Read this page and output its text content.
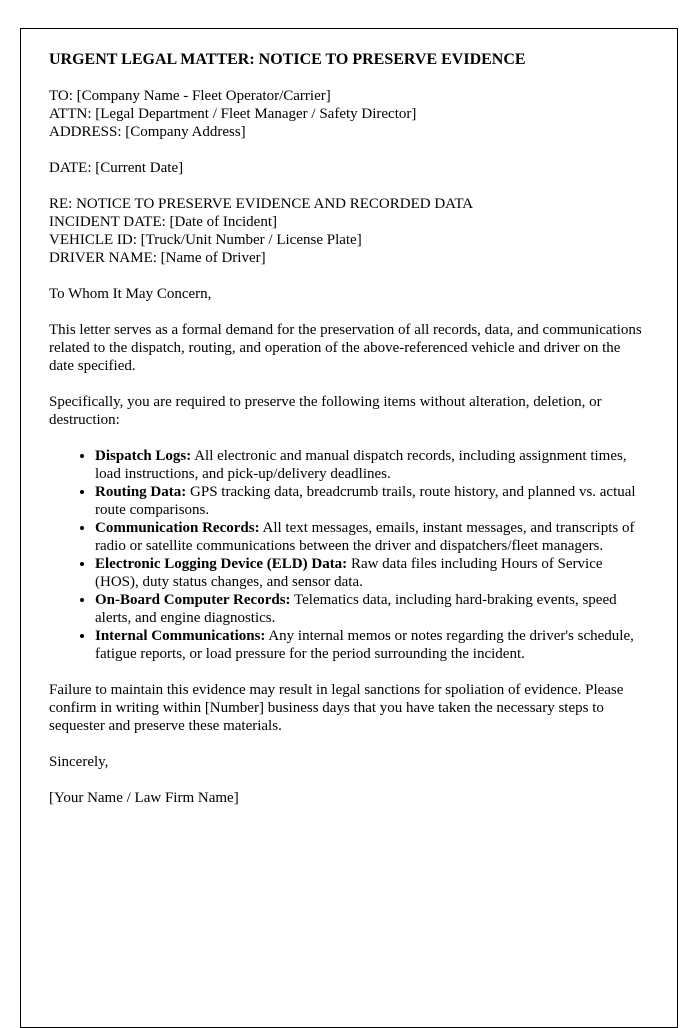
URGENT LEGAL MATTER: NOTICE TO PRESERVE EVIDENCE

TO: [Company Name - Fleet Operator/Carrier]

ATTN: [Legal Department / Fleet Manager / Safety Director]

ADDRESS: [Company Address]

DATE: [Current Date]

RE: NOTICE TO PRESERVE EVIDENCE AND RECORDED DATA

INCIDENT DATE: [Date of Incident]

VEHICLE ID: [Truck/Unit Number / License Plate]

DRIVER NAME: [Name of Driver]

To Whom It May Concern,

This letter serves as a formal demand for the preservation of all records, data, and communications related to the dispatch, routing, and operation of the above-referenced vehicle and driver on the date specified.

Specifically, you are required to preserve the following items without alteration, deletion, or destruction:

• Dispatch Logs: All electronic and manual dispatch records, including assignment times, load instructions, and pick-up/delivery deadlines.
• Routing Data: GPS tracking data, breadcrumb trails, route history, and planned vs. actual route comparisons.
• Communication Records: All text messages, emails, instant messages, and transcripts of radio or satellite communications between the driver and dispatchers/fleet managers.
• Electronic Logging Device (ELD) Data: Raw data files including Hours of Service (HOS), duty status changes, and sensor data.
• On-Board Computer Records: Telematics data, including hard-braking events, speed alerts, and engine diagnostics.
• Internal Communications: Any internal memos or notes regarding the driver's schedule, fatigue reports, or load pressure for the period surrounding the incident.

Failure to maintain this evidence may result in legal sanctions for spoliation of evidence. Please confirm in writing within [Number] business days that you have taken the necessary steps to sequester and preserve these materials.

Sincerely,

[Your Name / Law Firm Name]
